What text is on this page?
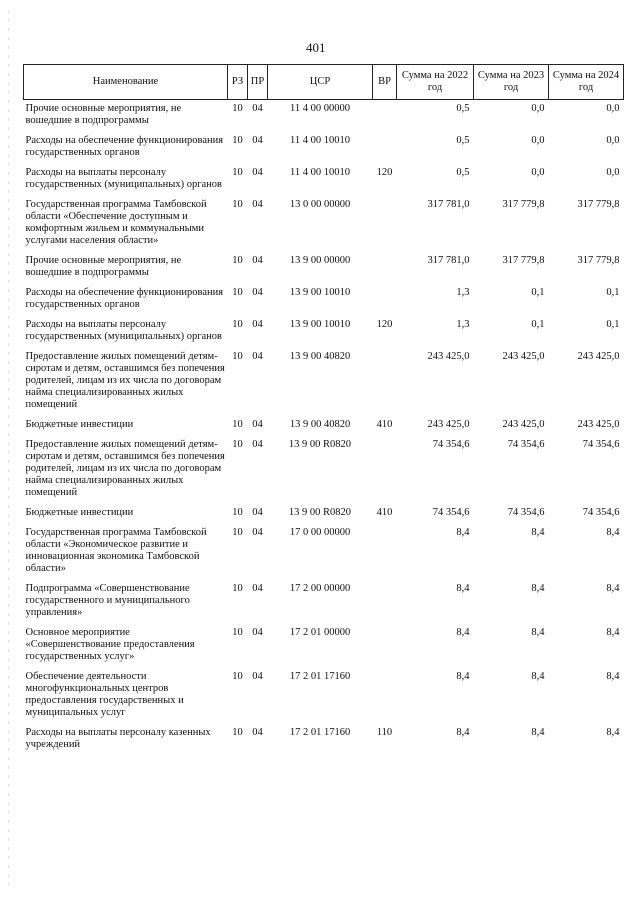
401
Наименование	РЗ	ПР	ЦСР	ВР	Сумма на 2022 год	Сумма на 2023 год	Сумма на 2024 год
Прочие основные мероприятия, не вошедшие в подпрограммы	10	04	11 4 00 00000		0,5	0,0	0,0
Расходы на обеспечение функционирования государственных органов	10	04	11 4 00 10010		0,5	0,0	0,0
Расходы на выплаты персоналу государственных (муниципальных) органов	10	04	11 4 00 10010	120	0,5	0,0	0,0
Государственная программа Тамбовской области «Обеспечение доступным и комфортным жильем и коммунальными услугами населения области»	10	04	13 0 00 00000		317 781,0	317 779,8	317 779,8
Прочие основные мероприятия, не вошедшие в подпрограммы	10	04	13 9 00 00000		317 781,0	317 779,8	317 779,8
Расходы на обеспечение функционирования государственных органов	10	04	13 9 00 10010		1,3	0,1	0,1
Расходы на выплаты персоналу государственных (муниципальных) органов	10	04	13 9 00 10010	120	1,3	0,1	0,1
Предоставление жилых помещений детям-сиротам и детям, оставшимся без попечения родителей, лицам из их числа по договорам найма специализированных жилых помещений	10	04	13 9 00 40820		243 425,0	243 425,0	243 425,0
Бюджетные инвестиции	10	04	13 9 00 40820	410	243 425,0	243 425,0	243 425,0
Предоставление жилых помещений детям-сиротам и детям, оставшимся без попечения родителей, лицам из их числа по договорам найма специализированных жилых помещений	10	04	13 9 00 R0820		74 354,6	74 354,6	74 354,6
Бюджетные инвестиции	10	04	13 9 00 R0820	410	74 354,6	74 354,6	74 354,6
Государственная программа Тамбовской области «Экономическое развитие и инновационная экономика Тамбовской области»	10	04	17 0 00 00000		8,4	8,4	8,4
Подпрограмма «Совершенствование государственного и муниципального управления»	10	04	17 2 00 00000		8,4	8,4	8,4
Основное мероприятие «Совершенствование предоставления государственных услуг»	10	04	17 2 01 00000		8,4	8,4	8,4
Обеспечение деятельности многофункциональных центров предоставления государственных и муниципальных услуг	10	04	17 2 01 17160		8,4	8,4	8,4
Расходы на выплаты персоналу казенных учреждений	10	04	17 2 01 17160	110	8,4	8,4	8,4
